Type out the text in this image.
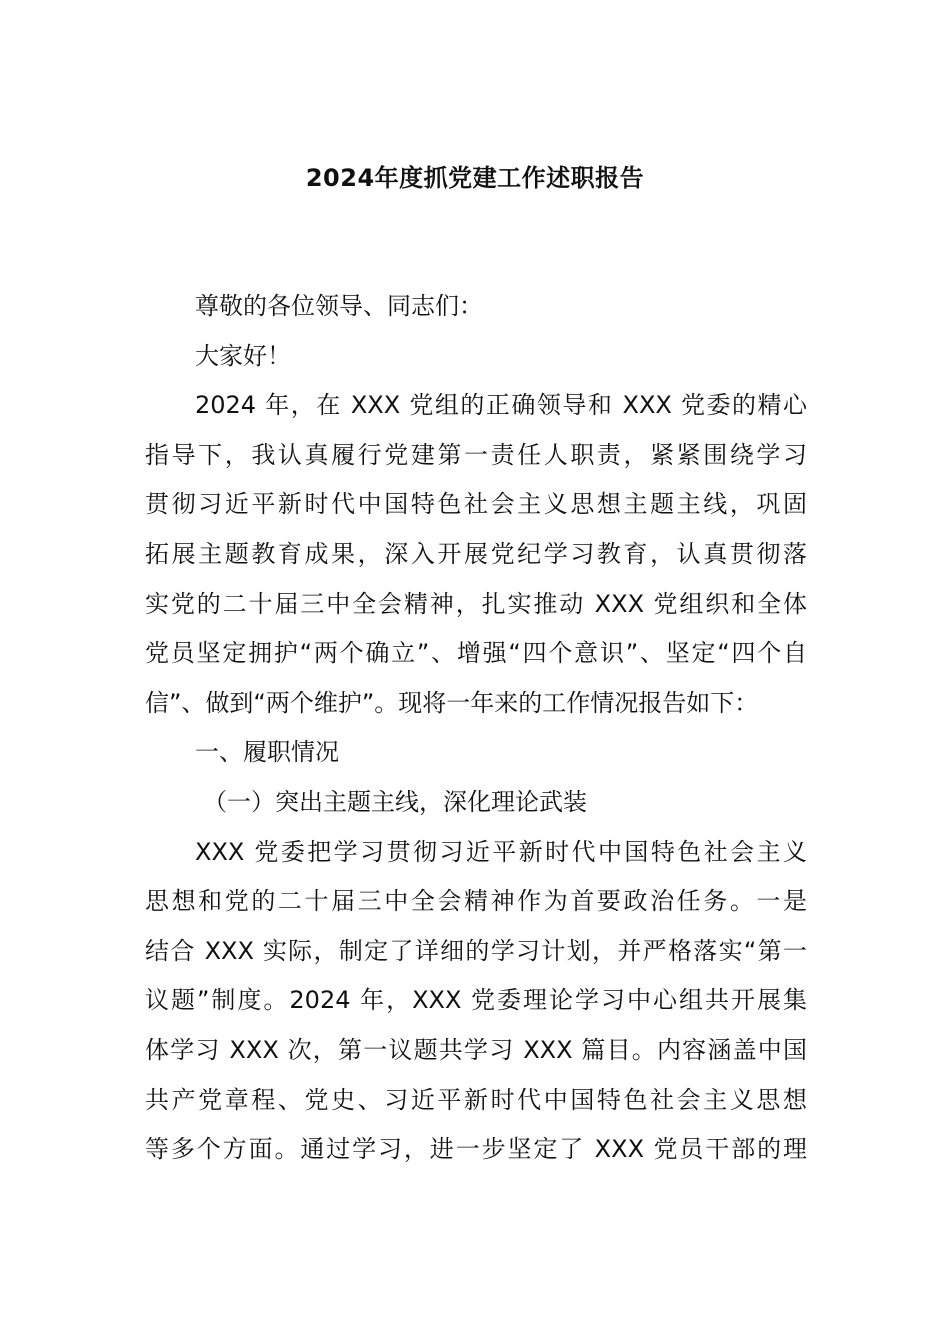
2024年度抓党建工作述职报告
尊敬的各位领导、同志们：
大家好！
2024 年，在 XXX 党组的正确领导和 XXX 党委的精心
指导下，我认真履行党建第一责任人职责，紧紧围绕学习
贯彻习近平新时代中国特色社会主义思想主题主线，巩固
拓展主题教育成果，深入开展党纪学习教育，认真贯彻落
实党的二十届三中全会精神，扎实推动 XXX 党组织和全体
党员坚定拥护“两个确立”、增强“四个意识”、坚定“四个自
信”、做到“两个维护”。现将一年来的工作情况报告如下：
一、履职情况
（一）突出主题主线，深化理论武装
XXX 党委把学习贯彻习近平新时代中国特色社会主义
思想和党的二十届三中全会精神作为首要政治任务。一是
结合 XXX 实际，制定了详细的学习计划，并严格落实“第一
议题”制度。2024 年，XXX 党委理论学习中心组共开展集
体学习 XXX 次，第一议题共学习 XXX 篇目。内容涵盖中国
共产党章程、党史、习近平新时代中国特色社会主义思想
等多个方面。通过学习，进一步坚定了 XXX 党员干部的理
